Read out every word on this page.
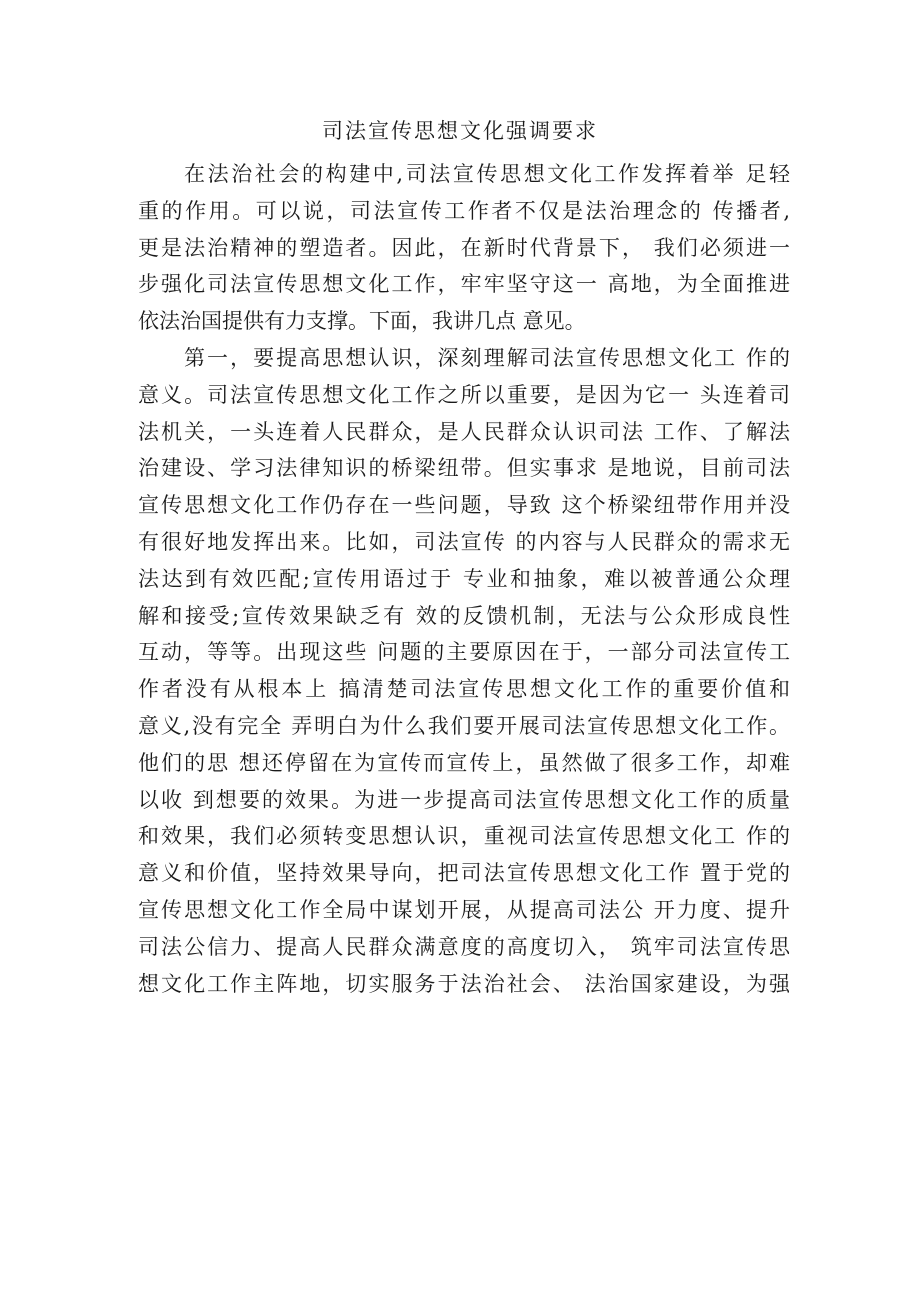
司法宣传思想文化强调要求
在法治社会的构建中,司法宣传思想文化工作发挥着举 足轻
重的作用。可以说，司法宣传工作者不仅是法治理念的 传播者,
更是法治精神的塑造者。因此，在新时代背景下， 我们必须进一
步强化司法宣传思想文化工作，牢牢坚守这一 高地，为全面推进
依法治国提供有力支撑。下面，我讲几点 意见。
第一，要提高思想认识，深刻理解司法宣传思想文化工 作的
意义。司法宣传思想文化工作之所以重要，是因为它一 头连着司
法机关，一头连着人民群众，是人民群众认识司法 工作、了解法
治建设、学习法律知识的桥梁纽带。但实事求 是地说，目前司法
宣传思想文化工作仍存在一些问题，导致 这个桥梁纽带作用并没
有很好地发挥出来。比如，司法宣传 的内容与人民群众的需求无
法达到有效匹配;宣传用语过于 专业和抽象，难以被普通公众理
解和接受;宣传效果缺乏有 效的反馈机制，无法与公众形成良性
互动，等等。出现这些 问题的主要原因在于，一部分司法宣传工
作者没有从根本上 搞清楚司法宣传思想文化工作的重要价值和
意义,没有完全 弄明白为什么我们要开展司法宣传思想文化工作。
他们的思 想还停留在为宣传而宣传上，虽然做了很多工作，却难
以收 到想要的效果。为进一步提高司法宣传思想文化工作的质量
和效果，我们必须转变思想认识，重视司法宣传思想文化工 作的
意义和价值，坚持效果导向，把司法宣传思想文化工作 置于党的
宣传思想文化工作全局中谋划开展，从提高司法公 开力度、提升
司法公信力、提高人民群众满意度的高度切入， 筑牢司法宣传思
想文化工作主阵地，切实服务于法治社会、 法治国家建设，为强
